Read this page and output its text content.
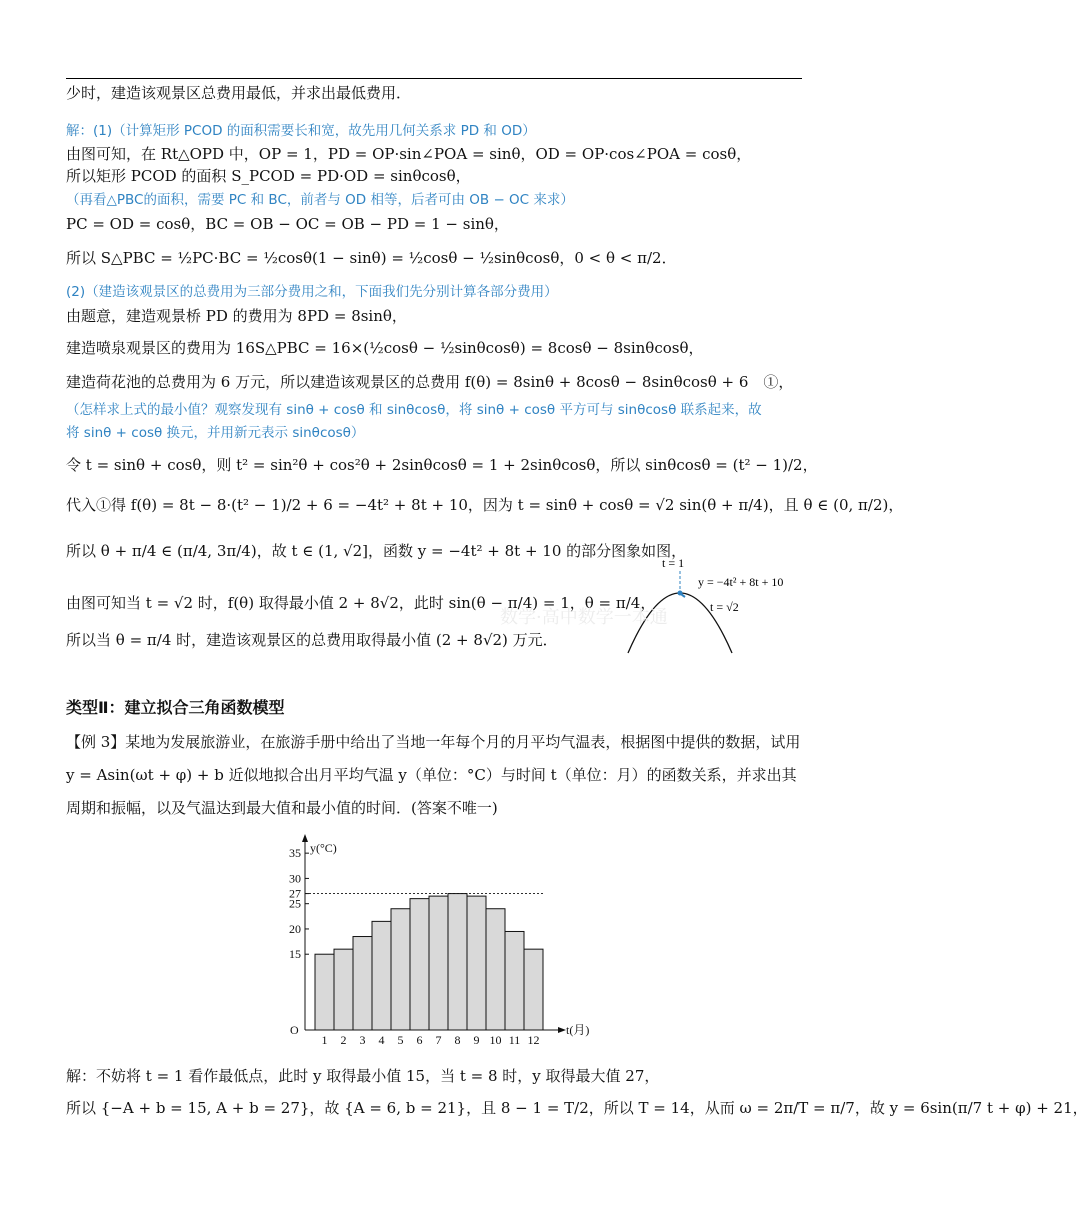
少时，建造该观景区总费用最低，并求出最低费用．
解：(1)（计算矩形 PCOD 的面积需要长和宽，故先用几何关系求 PD 和 OD）
由图可知，在 Rt△OPD 中，OP = 1，PD = OP·sin∠POA = sinθ，OD = OP·cos∠POA = cosθ，
所以矩形 PCOD 的面积 S_PCOD = PD·OD = sinθcosθ，
（再看△PBC的面积，需要 PC 和 BC，前者与 OD 相等，后者可由 OB − OC 来求）
PC = OD = cosθ，BC = OB − OC = OB − PD = 1 − sinθ，
所以 S△PBC = ½PC·BC = ½cosθ(1 − sinθ) = ½cosθ − ½sinθcosθ，0 < θ < π/2．
(2)（建造该观景区的总费用为三部分费用之和，下面我们先分别计算各部分费用）
由题意，建造观景桥 PD 的费用为 8PD = 8sinθ，
建造喷泉观景区的费用为 16S△PBC = 16×(½cosθ − ½sinθcosθ) = 8cosθ − 8sinθcosθ，
建造荷花池的总费用为 6 万元，所以建造该观景区的总费用 f(θ) = 8sinθ + 8cosθ − 8sinθcosθ + 6　①，
（怎样求上式的最小值？观察发现有 sinθ + cosθ 和 sinθcosθ，将 sinθ + cosθ 平方可与 sinθcosθ 联系起来，故
将 sinθ + cosθ 换元，并用新元表示 sinθcosθ）
令 t = sinθ + cosθ，则 t² = sin²θ + cos²θ + 2sinθcosθ = 1 + 2sinθcosθ，所以 sinθcosθ = (t² − 1)/2，
代入①得 f(θ) = 8t − 8·(t² − 1)/2 + 6 = −4t² + 8t + 10，因为 t = sinθ + cosθ = √2 sin(θ + π/4)，且 θ ∈ (0, π/2)，
所以 θ + π/4 ∈ (π/4, 3π/4)，故 t ∈ (1, √2]，函数 y = −4t² + 8t + 10 的部分图象如图，
由图可知当 t = √2 时，f(θ) 取得最小值 2 + 8√2，此时 sin(θ − π/4) = 1，θ = π/4，
所以当 θ = π/4 时，建造该观景区的总费用取得最小值 (2 + 8√2) 万元．
t = 1
y = −4t² + 8t + 10
t = √2
数学·高中数学一本通
类型Ⅱ：建立拟合三角函数模型
【例 3】某地为发展旅游业，在旅游手册中给出了当地一年每个月的月平均气温表，根据图中提供的数据，试用 y = Asin(ωt + φ) + b 近似地拟合出月平均气温 y（单位：°C）与时间 t（单位：月）的函数关系，并求出其周期和振幅，以及气温达到最大值和最小值的时间．(答案不唯一)
15
20
25
27
30
35
1 2 3 4 5 6 7 8 9 10 11 12
y(°C)
t(月)
O
解：不妨将 t = 1 看作最低点，此时 y 取得最小值 15，当 t = 8 时，y 取得最大值 27，
所以 {−A + b = 15, A + b = 27}，故 {A = 6, b = 21}，且 8 − 1 = T/2，所以 T = 14，从而 ω = 2π/T = π/7，故 y = 6sin(π/7 t + φ) + 21，
